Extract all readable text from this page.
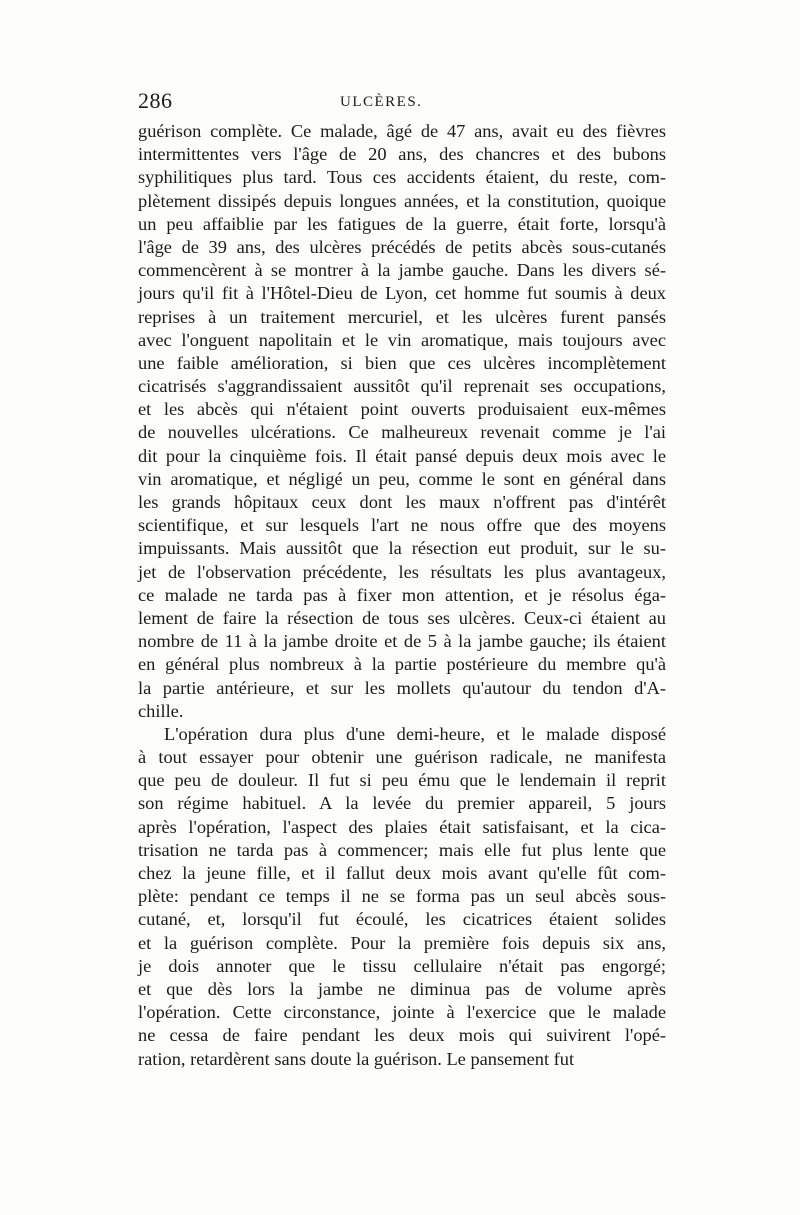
286	ULCÈRES.
guérison complète. Ce malade, âgé de 47 ans, avait eu des fièvres
intermittentes vers l'âge de 20 ans, des chancres et des bubons
syphilitiques plus tard. Tous ces accidents étaient, du reste, com-
plètement dissipés depuis longues années, et la constitution, quoique
un peu affaiblie par les fatigues de la guerre, était forte, lorsqu'à
l'âge de 39 ans, des ulcères précédés de petits abcès sous-cutanés
commencèrent à se montrer à la jambe gauche. Dans les divers sé-
jours qu'il fit à l'Hôtel-Dieu de Lyon, cet homme fut soumis à deux
reprises à un traitement mercuriel, et les ulcères furent pansés
avec l'onguent napolitain et le vin aromatique, mais toujours avec
une faible amélioration, si bien que ces ulcères incomplètement
cicatrisés s'aggrandissaient aussitôt qu'il reprenait ses occupations,
et les abcès qui n'étaient point ouverts produisaient eux-mêmes
de nouvelles ulcérations. Ce malheureux revenait comme je l'ai
dit pour la cinquième fois. Il était pansé depuis deux mois avec le
vin aromatique, et négligé un peu, comme le sont en général dans
les grands hôpitaux ceux dont les maux n'offrent pas d'intérêt
scientifique, et sur lesquels l'art ne nous offre que des moyens
impuissants. Mais aussitôt que la résection eut produit, sur le su-
jet de l'observation précédente, les résultats les plus avantageux,
ce malade ne tarda pas à fixer mon attention, et je résolus éga-
lement de faire la résection de tous ses ulcères. Ceux-ci étaient au
nombre de 11 à la jambe droite et de 5 à la jambe gauche; ils étaient
en général plus nombreux à la partie postérieure du membre qu'à
la partie antérieure, et sur les mollets qu'autour du tendon d'A-
chille.
L'opération dura plus d'une demi-heure, et le malade disposé
à tout essayer pour obtenir une guérison radicale, ne manifesta
que peu de douleur. Il fut si peu ému que le lendemain il reprit
son régime habituel. A la levée du premier appareil, 5 jours
après l'opération, l'aspect des plaies était satisfaisant, et la cica-
trisation ne tarda pas à commencer; mais elle fut plus lente que
chez la jeune fille, et il fallut deux mois avant qu'elle fût com-
plète: pendant ce temps il ne se forma pas un seul abcès sous-
cutané, et, lorsqu'il fut écoulé, les cicatrices étaient solides
et la guérison complète. Pour la première fois depuis six ans,
je dois annoter que le tissu cellulaire n'était pas engorgé;
et que dès lors la jambe ne diminua pas de volume après
l'opération. Cette circonstance, jointe à l'exercice que le malade
ne cessa de faire pendant les deux mois qui suivirent l'opé-
ration, retardèrent sans doute la guérison. Le pansement fut
